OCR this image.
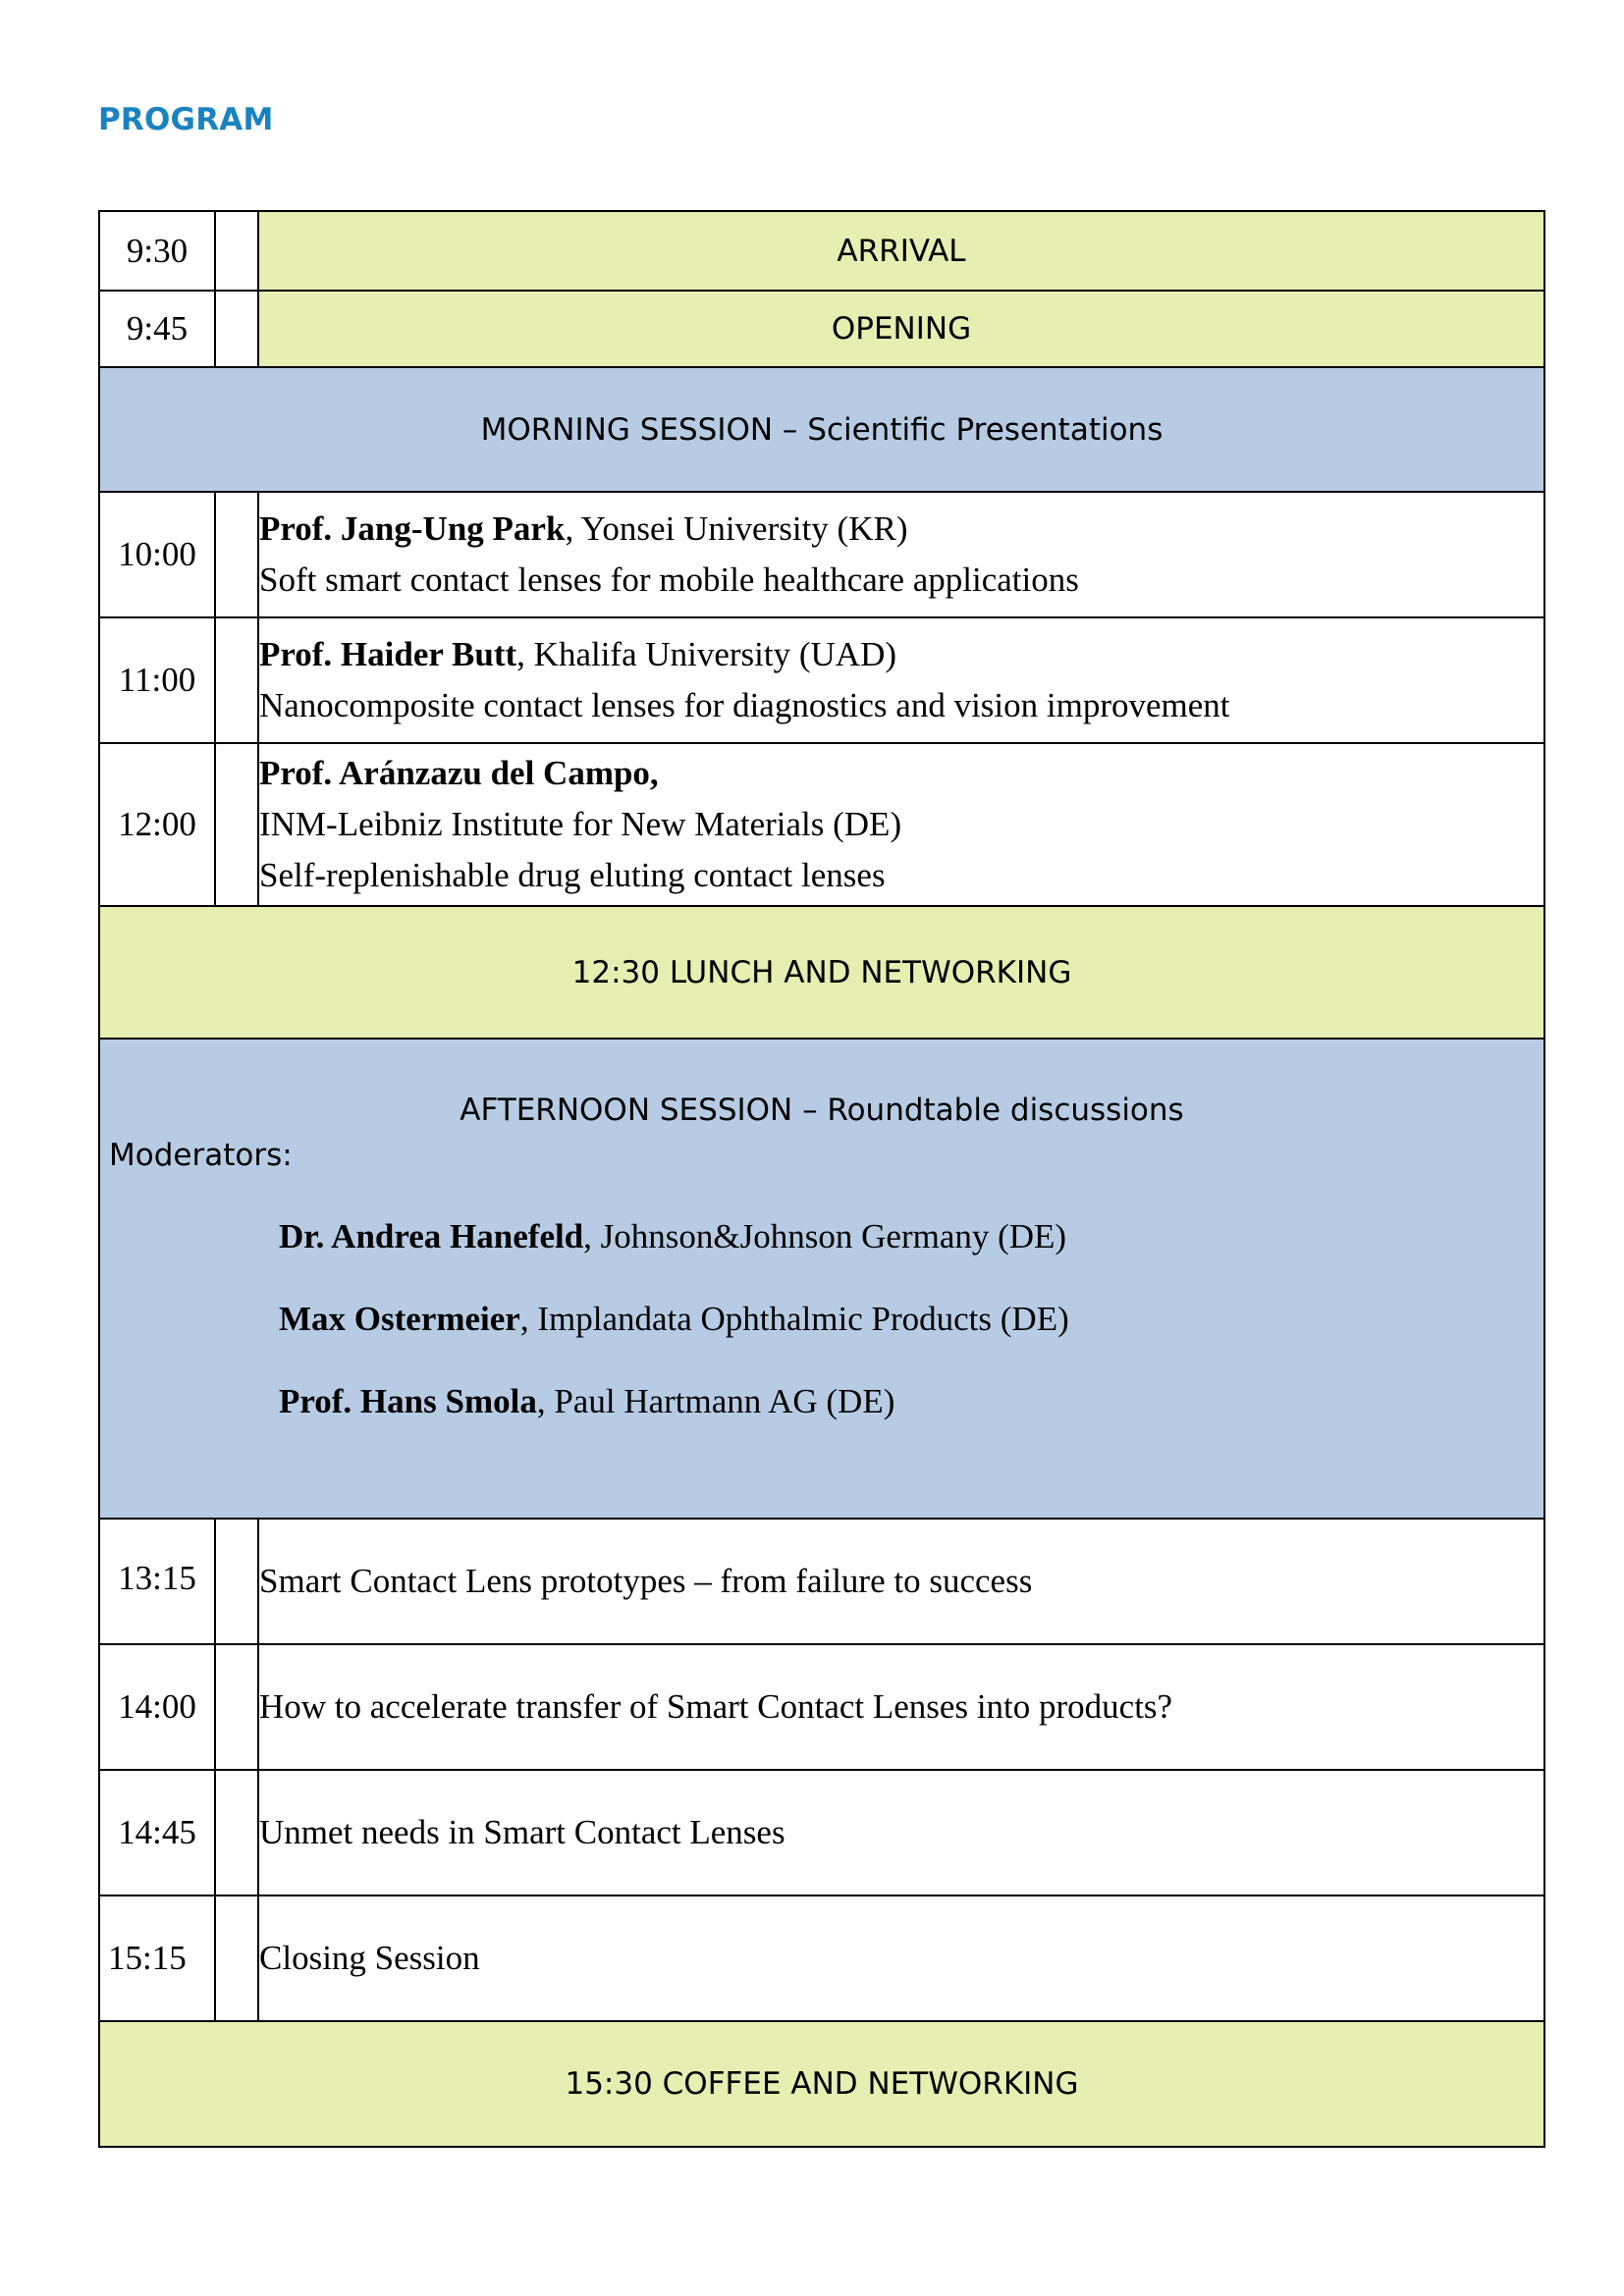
PROGRAM
9:30		ARRIVAL
9:45		OPENING
MORNING SESSION – Scientific Presentations		
10:00		Prof. Jang-Ung Park, Yonsei University (KR)
Soft smart contact lenses for mobile healthcare applications

11:00		Prof. Haider Butt, Khalifa University (UAD)
Nanocomposite contact lenses for diagnostics and vision improvement

12:00		Prof. Aránzazu del Campo,
INM-Leibniz Institute for New Materials (DE)
Self-replenishable drug eluting contact lenses

12:30 LUNCH AND NETWORKING		

AFTERNOON SESSION – Roundtable discussions
Moderators:
Dr. Andrea Hanefeld, Johnson&Johnson Germany (DE)
Max Ostermeier, Implandata Ophthalmic Products (DE)
Prof. Hans Smola, Paul Hartmann AG (DE)		

13:15		Smart Contact Lens prototypes – from failure to success
14:00		How to accelerate transfer of Smart Contact Lenses into products?
14:45		Unmet needs in Smart Contact Lenses
15:15		Closing Session
15:30 COFFEE AND NETWORKING		
